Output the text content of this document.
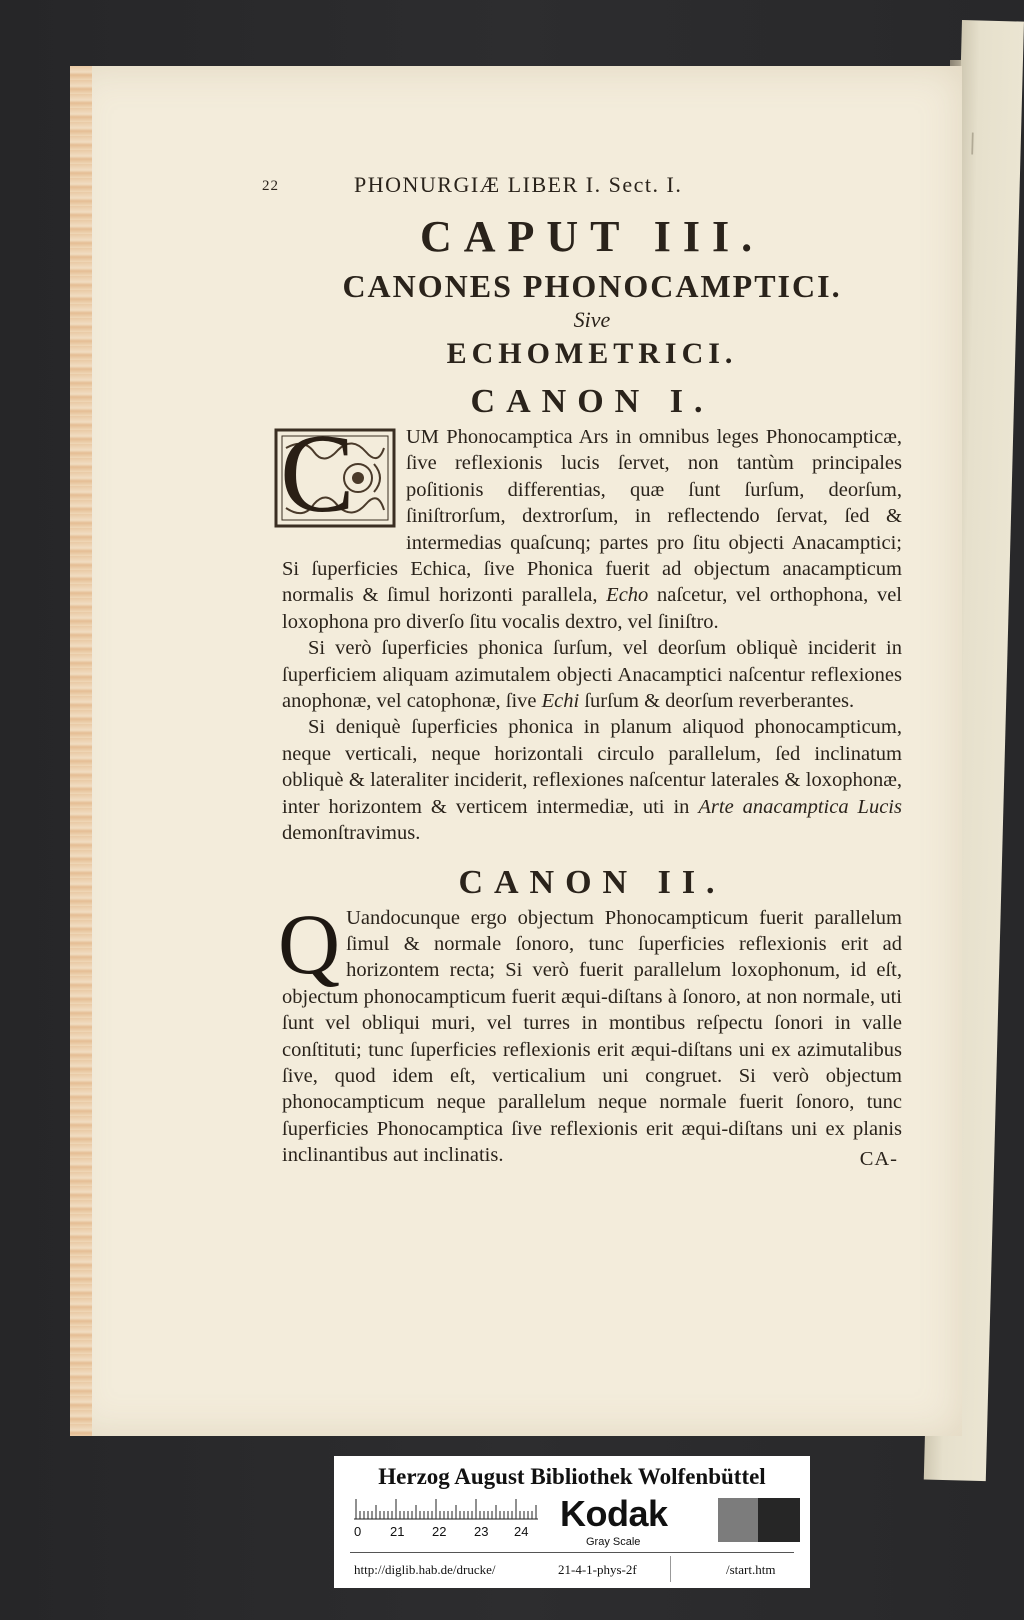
|
22	PHONURGIÆ LIBER I. Sect. I.
CAPUT III.
CANONES PHONOCAMPTICI.
Sive
ECHOMETRICI.
CANON I.
C	UM Phonocamptica Ars in omnibus leges Phonocampticæ, ſive reflexionis lucis ſervet, non tantùm principales poſitionis differentias, quæ ſunt ſurſum, deorſum, ſiniſtrorſum, dextrorſum, in reflectendo ſervat, ſed & intermedias quaſcunq; partes pro ſitu objecti Anacamptici; Si ſuperficies Echica, ſive Phonica fuerit ad objectum anacampticum normalis & ſimul horizonti parallela, Echo naſcetur, vel orthophona, vel loxophona pro diverſo ſitu vocalis dextro, vel ſiniſtro.

Si verò ſuperficies phonica ſurſum, vel deorſum obliquè inciderit in ſuperficiem aliquam azimutalem objecti Anacamptici naſcentur reflexiones anophonæ, vel catophonæ, ſive Echi ſurſum & deorſum reverberantes.

Si deniquè ſuperficies phonica in planum aliquod phonocampticum, neque verticali, neque horizontali circulo parallelum, ſed inclinatum obliquè & lateraliter inciderit, reflexiones naſcentur laterales & loxophonæ, inter horizontem & verticem intermediæ, uti in Arte anacamptica Lucis demonſtravimus.

CANON II.
Q Uandocunque ergo objectum Phonocampticum fuerit parallelum ſimul & normale ſonoro, tunc ſuperficies reflexionis erit ad horizontem recta; Si verò fuerit parallelum loxophonum, id eſt, objectum phonocampticum fuerit æqui-diſtans à ſonoro, at non normale, uti ſunt vel obliqui muri, vel turres in montibus reſpectu ſonori in valle conſtituti; tunc ſuperficies reflexionis erit æqui-diſtans uni ex azimutalibus ſive, quod idem eſt, verticalium uni congruet. Si verò objectum phonocampticum neque parallelum neque normale fuerit ſonoro, tunc ſuperficies Phonocamptica ſive reflexionis erit æqui-diſtans uni ex planis inclinantibus aut inclinatis.	CA-
Herzog August Bibliothek Wolfenbüttel
0 21 22 23 24 Kodak
Gray Scale
http://diglib.hab.de/drucke/	21-4-1-phys-2f	/start.htm
